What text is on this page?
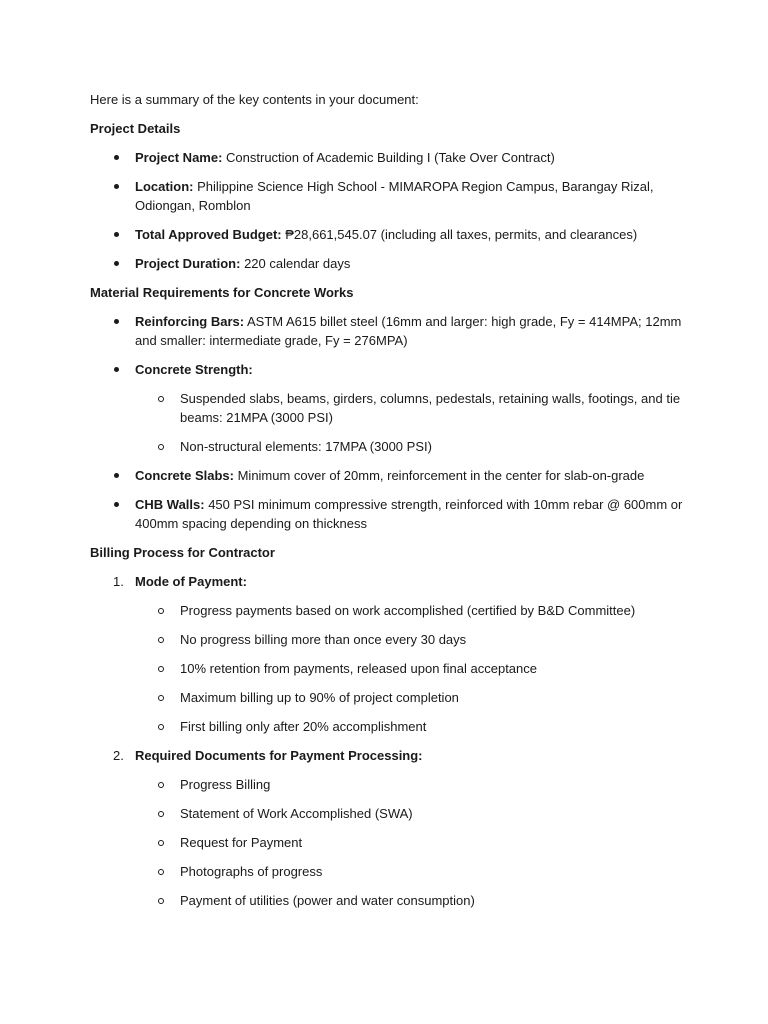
Here is a summary of the key contents in your document:

Project Details

Project Name: Construction of Academic Building I (Take Over Contract)
Location: Philippine Science High School - MIMAROPA Region Campus, Barangay Rizal, Odiongan, Romblon
Total Approved Budget: ₱28,661,545.07 (including all taxes, permits, and clearances)
Project Duration: 220 calendar days

Material Requirements for Concrete Works

Reinforcing Bars: ASTM A615 billet steel (16mm and larger: high grade, Fy = 414MPA; 12mm and smaller: intermediate grade, Fy = 276MPA)
Concrete Strength:
Suspended slabs, beams, girders, columns, pedestals, retaining walls, footings, and tie beams: 21MPA (3000 PSI)
Non-structural elements: 17MPA (3000 PSI)
Concrete Slabs: Minimum cover of 20mm, reinforcement in the center for slab-on-grade
CHB Walls: 450 PSI minimum compressive strength, reinforced with 10mm rebar @ 600mm or 400mm spacing depending on thickness

Billing Process for Contractor

1. Mode of Payment:
Progress payments based on work accomplished (certified by B&D Committee)
No progress billing more than once every 30 days
10% retention from payments, released upon final acceptance
Maximum billing up to 90% of project completion
First billing only after 20% accomplishment
2. Required Documents for Payment Processing:
Progress Billing
Statement of Work Accomplished (SWA)
Request for Payment
Photographs of progress
Payment of utilities (power and water consumption)
